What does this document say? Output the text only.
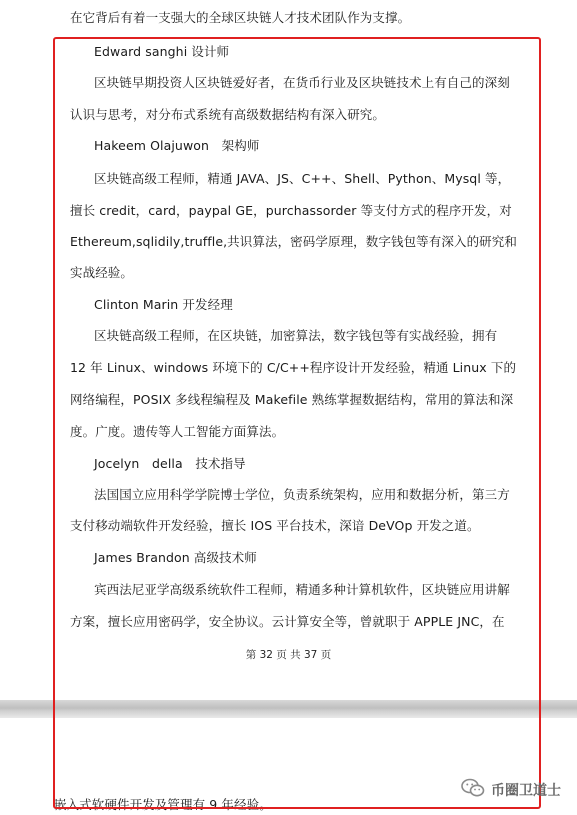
在它背后有着一支强大的全球区块链人才技术团队作为支撑。
Edward sanghi 设计师
区块链早期投资人区块链爱好者，在货币行业及区块链技术上有自己的深刻
认识与思考，对分布式系统有高级数据结构有深入研究。
Hakeem Olajuwon　架构师
区块链高级工程师，精通 JAVA、JS、C++、Shell、Python、Mysql 等，
擅长 credit，card，paypal GE，purchassorder 等支付方式的程序开发，对
Ethereum,sqlidily,truffle,共识算法，密码学原理，数字钱包等有深入的研究和
实战经验。
Clinton Marin 开发经理
区块链高级工程师，在区块链，加密算法，数字钱包等有实战经验，拥有
12 年 Linux、windows 环境下的 C/C++程序设计开发经验，精通 Linux 下的
网络编程，POSIX 多线程编程及 Makefile 熟练掌握数据结构，常用的算法和深
度。广度。遗传等人工智能方面算法。
Jocelyn　della　技术指导
法国国立应用科学学院博士学位，负责系统架构，应用和数据分析，第三方
支付移动端软件开发经验，擅长 IOS 平台技术，深谙 DeVOp 开发之道。
James Brandon 高级技术师
宾西法尼亚学高级系统软件工程师，精通多种计算机软件，区块链应用讲解
方案，擅长应用密码学，安全协议。云计算安全等，曾就职于 APPLE JNC，在
第 32 页 共 37 页
嵌入式软硬件开发及管理有 9 年经验。
币圈卫道士
